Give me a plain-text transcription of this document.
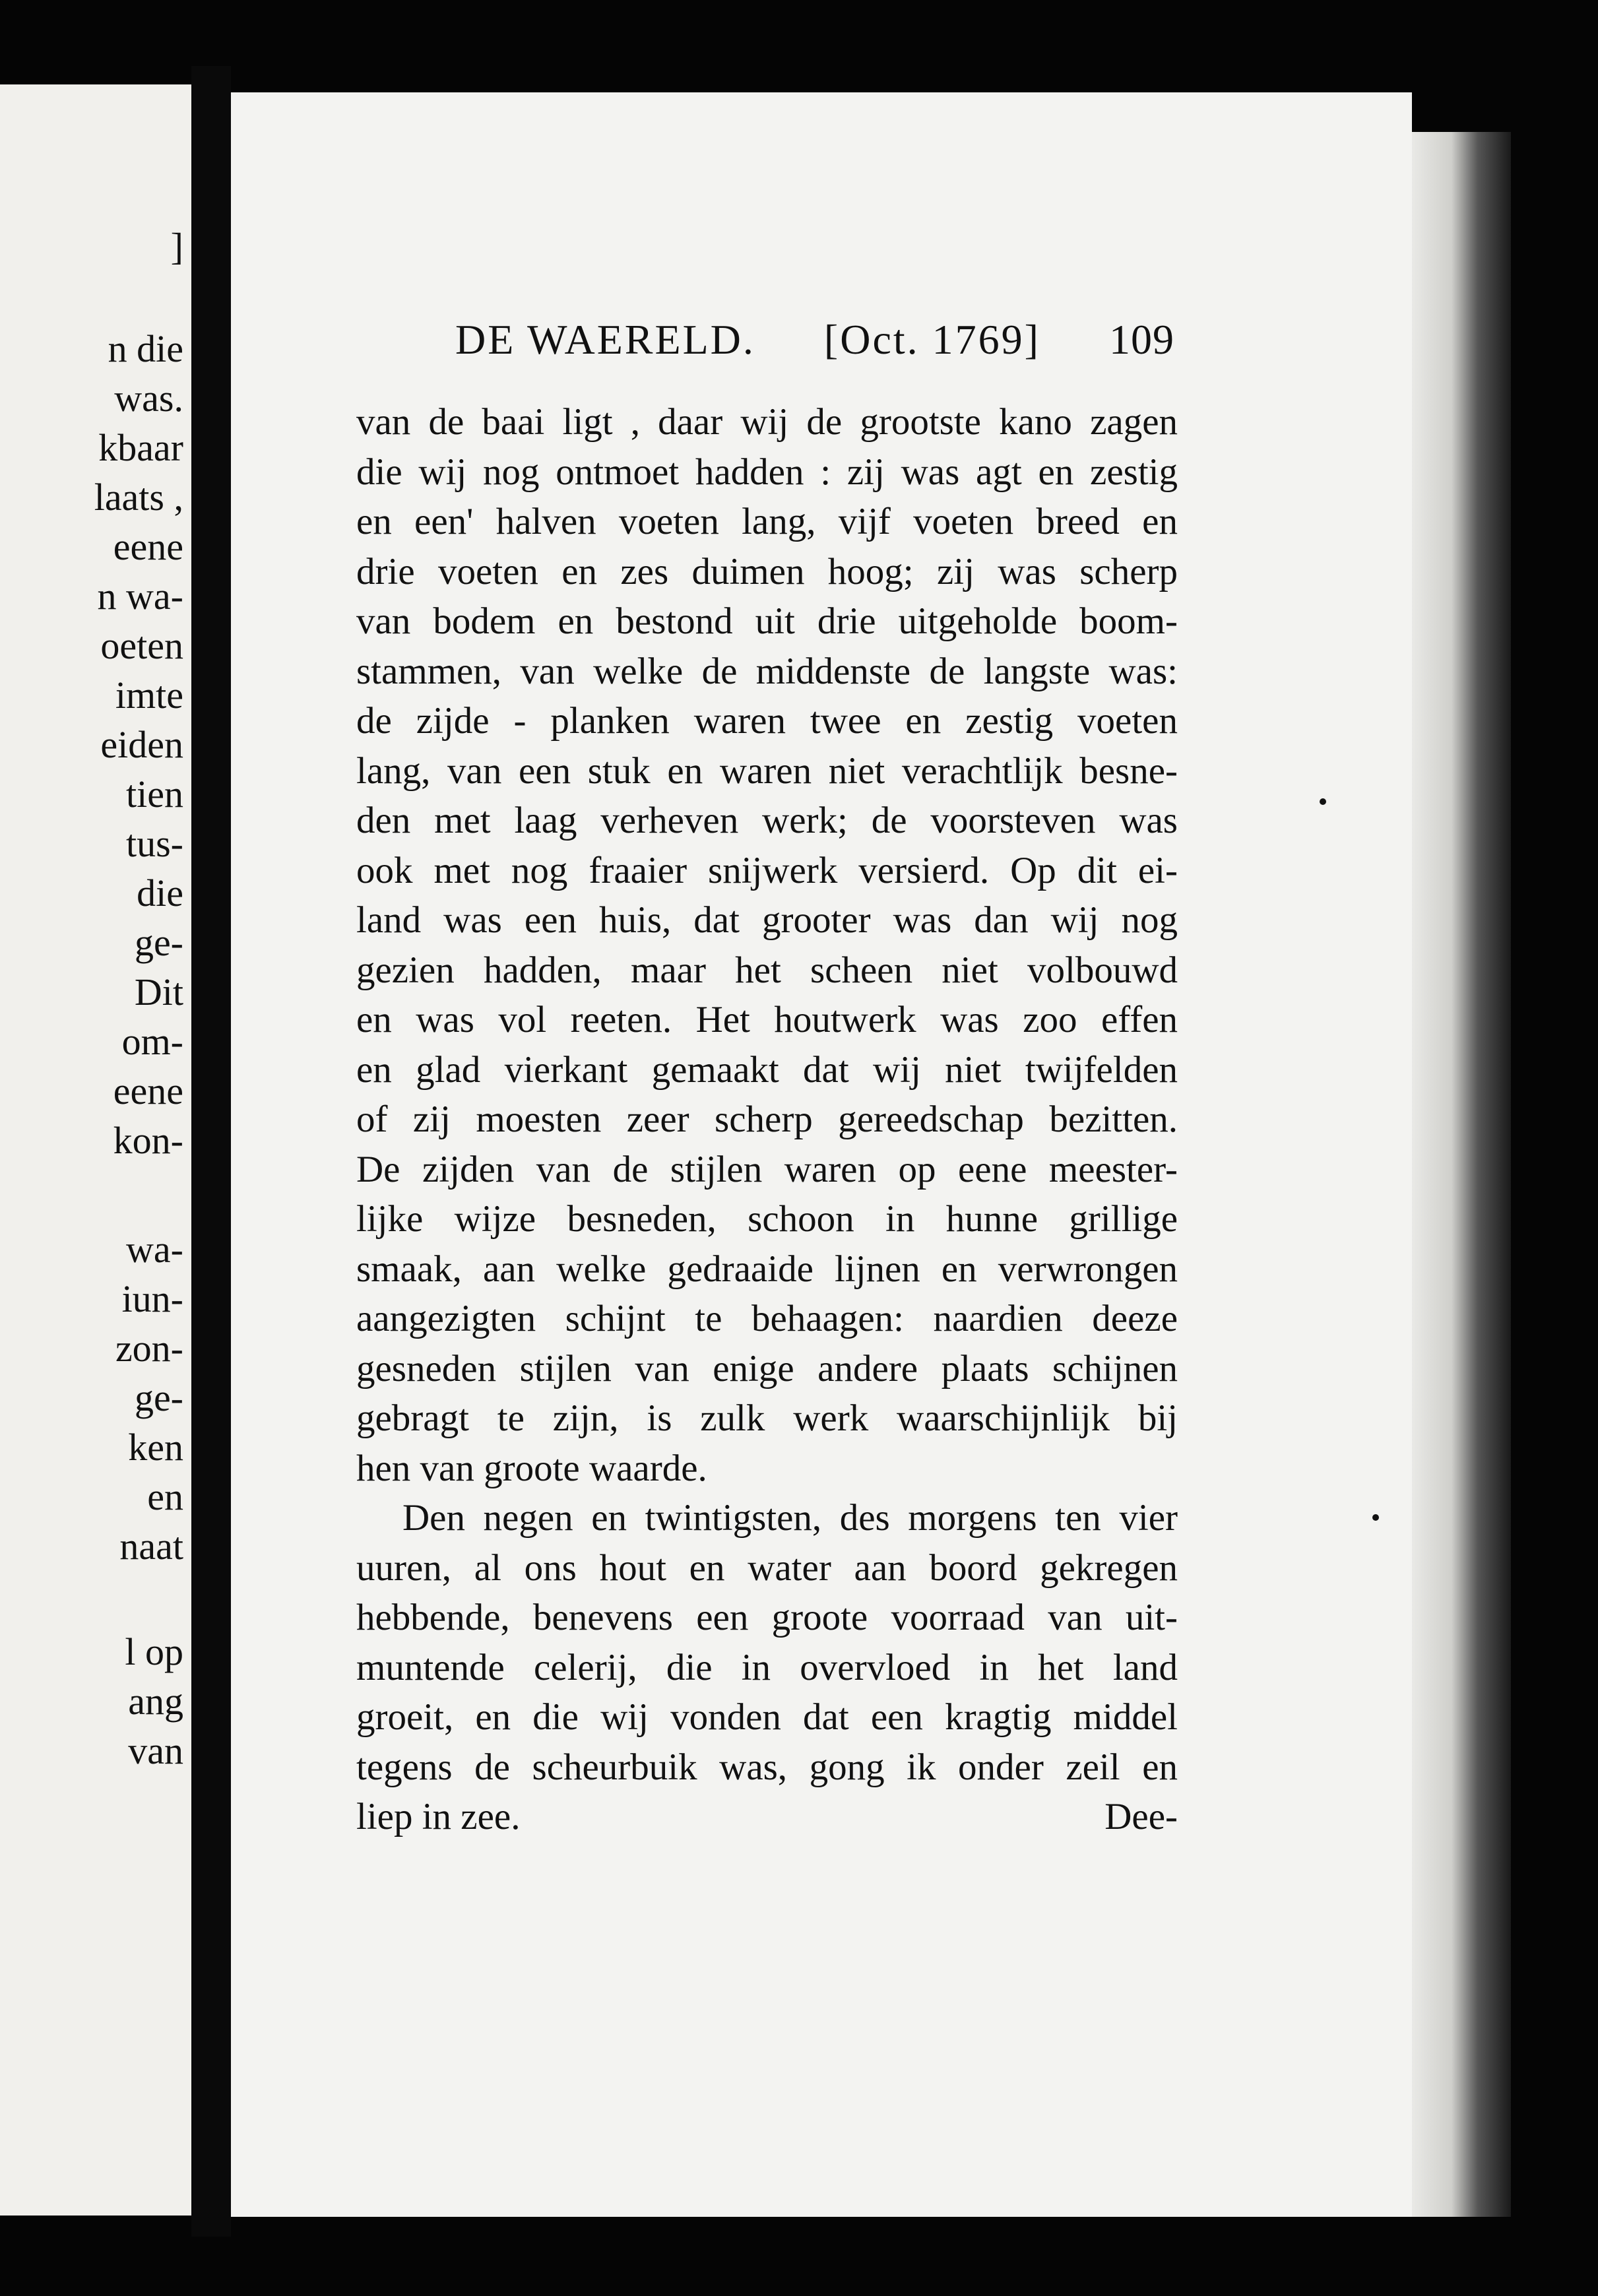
]
n die
was.
kbaar
laats ,
eene
n wa-
oeten
imte
eiden
tien
tus-
die
ge-
Dit
om-
eene
kon-
wa-
iun-
zon-
ge-
ken
en
naat
l op
ang
van
DE WAERELD. [Oct. 1769] 109
van de baai ligt , daar wij de grootste kano zagen
die wij nog ontmoet hadden : zij was agt en zestig
en een' halven voeten lang, vijf voeten breed en
drie voeten en zes duimen hoog; zij was scherp
van bodem en bestond uit drie uitgeholde boom-
stammen, van welke de middenste de langste was:
de zijde - planken waren twee en zestig voeten
lang, van een stuk en waren niet verachtlijk besne-
den met laag verheven werk; de voorsteven was
ook met nog fraaier snijwerk versierd. Op dit ei-
land was een huis, dat grooter was dan wij nog
gezien hadden, maar het scheen niet volbouwd
en was vol reeten. Het houtwerk was zoo effen
en glad vierkant gemaakt dat wij niet twijfelden
of zij moesten zeer scherp gereedschap bezitten.
De zijden van de stijlen waren op eene meester-
lijke wijze besneden, schoon in hunne grillige
smaak, aan welke gedraaide lijnen en verwrongen
aangezigten schijnt te behaagen: naardien deeze
gesneden stijlen van enige andere plaats schijnen
gebragt te zijn, is zulk werk waarschijnlijk bij
hen van groote waarde.
Den negen en twintigsten, des morgens ten vier
uuren, al ons hout en water aan boord gekregen
hebbende, benevens een groote voorraad van uit-
muntende celerij, die in overvloed in het land
groeit, en die wij vonden dat een kragtig middel
tegens de scheurbuik was, gong ik onder zeil en
liep in zee.	Dee-
